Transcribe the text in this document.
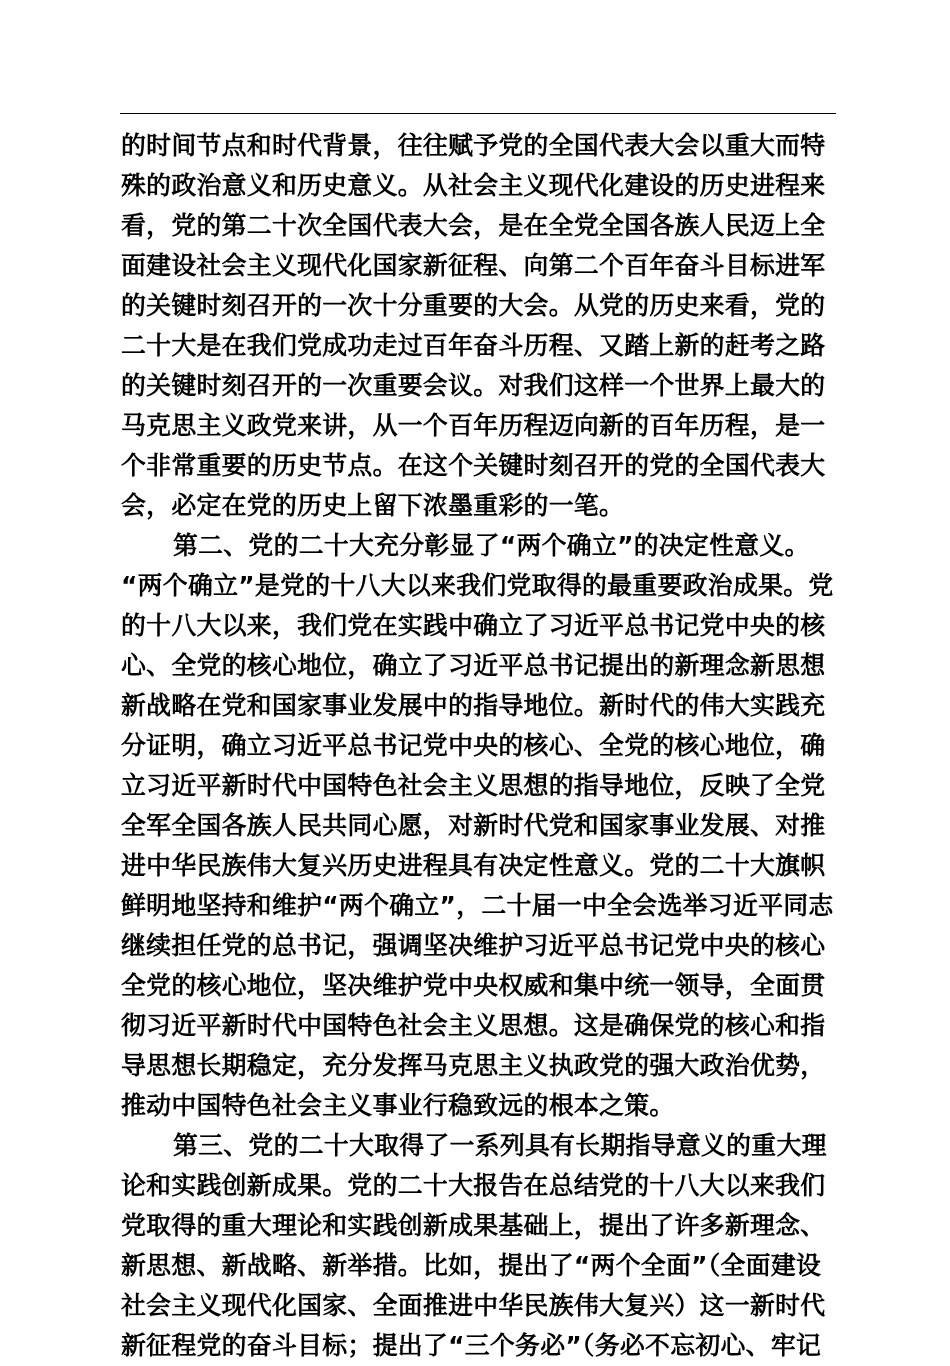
的时间节点和时代背景，往往赋予党的全国代表大会以重大而特
殊的政治意义和历史意义。从社会主义现代化建设的历史进程来
看，党的第二十次全国代表大会，是在全党全国各族人民迈上全
面建设社会主义现代化国家新征程、向第二个百年奋斗目标进军
的关键时刻召开的一次十分重要的大会。从党的历史来看，党的
二十大是在我们党成功走过百年奋斗历程、又踏上新的赶考之路
的关键时刻召开的一次重要会议。对我们这样一个世界上最大的
马克思主义政党来讲，从一个百年历程迈向新的百年历程，是一
个非常重要的历史节点。在这个关键时刻召开的党的全国代表大
会，必定在党的历史上留下浓墨重彩的一笔。
第二、党的二十大充分彰显了“两个确立”的决定性意义。
“两个确立”是党的十八大以来我们党取得的最重要政治成果。党
的十八大以来，我们党在实践中确立了习近平总书记党中央的核
心、全党的核心地位，确立了习近平总书记提出的新理念新思想
新战略在党和国家事业发展中的指导地位。新时代的伟大实践充
分证明，确立习近平总书记党中央的核心、全党的核心地位，确
立习近平新时代中国特色社会主义思想的指导地位，反映了全党
全军全国各族人民共同心愿，对新时代党和国家事业发展、对推
进中华民族伟大复兴历史进程具有决定性意义。党的二十大旗帜
鲜明地坚持和维护“两个确立”，二十届一中全会选举习近平同志
继续担任党的总书记，强调坚决维护习近平总书记党中央的核心
全党的核心地位，坚决维护党中央权威和集中统一领导，全面贯
彻习近平新时代中国特色社会主义思想。这是确保党的核心和指
导思想长期稳定，充分发挥马克思主义执政党的强大政治优势，
推动中国特色社会主义事业行稳致远的根本之策。
第三、党的二十大取得了一系列具有长期指导意义的重大理
论和实践创新成果。党的二十大报告在总结党的十八大以来我们
党取得的重大理论和实践创新成果基础上，提出了许多新理念、
新思想、新战略、新举措。比如，提出了“两个全面”（全面建设
社会主义现代化国家、全面推进中华民族伟大复兴）这一新时代
新征程党的奋斗目标；提出了“三个务必”（务必不忘初心、牢记
